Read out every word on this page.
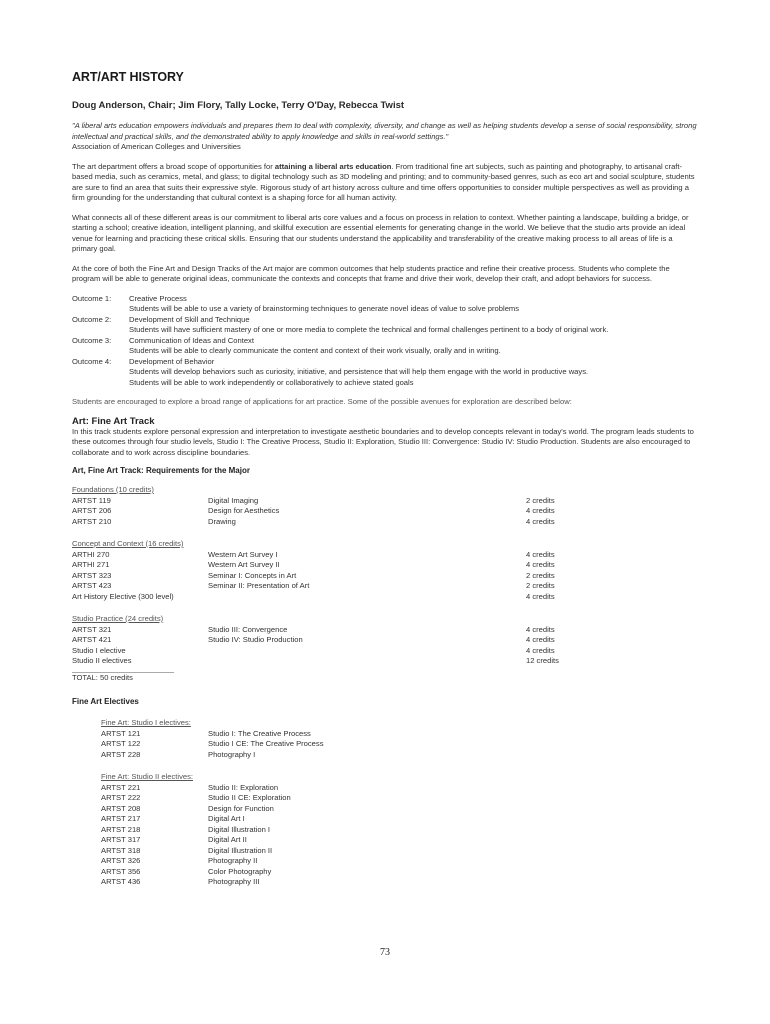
ART/ART HISTORY
Doug Anderson, Chair; Jim Flory, Tally Locke, Terry O'Day, Rebecca Twist
"A liberal arts education empowers individuals and prepares them to deal with complexity, diversity, and change as well as helping students develop a sense of social responsibility, strong intellectual and practical skills, and the demonstrated ability to apply knowledge and skills in real-world settings."
Association of American Colleges and Universities

The art department offers a broad scope of opportunities for attaining a liberal arts education. From traditional fine art subjects, such as painting and photography, to artisanal craft-based media, such as ceramics, metal, and glass; to digital technology such as 3D modeling and printing; and to community-based genres, such as eco art and social sculpture, students are sure to find an area that suits their expressive style. Rigorous study of art history across culture and time offers opportunities to consider multiple perspectives as well as providing a firm grounding for the understanding that cultural context is a shaping force for all human activity.

What connects all of these different areas is our commitment to liberal arts core values and a focus on process in relation to context. Whether painting a landscape, building a bridge, or starting a school; creative ideation, intelligent planning, and skillful execution are essential elements for generating change in the world. We believe that the studio arts provide an ideal venue for learning and practicing these critical skills. Ensuring that our students understand the applicability and transferability of the creative making process to all areas of life is a primary goal.

At the core of both the Fine Art and Design Tracks of the Art major are common outcomes that help students practice and refine their creative process. Students who complete the program will be able to generate original ideas, communicate the contexts and concepts that frame and drive their work, develop their craft, and adopt behaviors for success.

Outcome 1:	Creative Process
Students will be able to use a variety of brainstorming techniques to generate novel ideas of value to solve problems
Outcome 2:	Development of Skill and Technique
Students will have sufficient mastery of one or more media to complete the technical and formal challenges pertinent to a body of original work.
Outcome 3:	Communication of Ideas and Context
Students will be able to clearly communicate the content and context of their work visually, orally and in writing.
Outcome 4:	Development of Behavior
Students will develop behaviors such as curiosity, initiative, and persistence that will help them engage with the world in productive ways.
Students will be able to work independently or collaboratively to achieve stated goals

Students are encouraged to explore a broad range of applications for art practice. Some of the possible avenues for exploration are described below:

Art: Fine Art Track
In this track students explore personal expression and interpretation to investigate aesthetic boundaries and to develop concepts relevant in today's world. The program leads students to these outcomes through four studio levels, Studio I: The Creative Process, Studio II: Exploration, Studio III: Convergence: Studio IV: Studio Production. Students are also encouraged to collaborate and to work across discipline boundaries.
Art, Fine Art Track: Requirements for the Major
Foundations (10 credits)
ARTST 119	Digital Imaging	2 credits
ARTST 206	Design for Aesthetics	4 credits
ARTST 210	Drawing	4 credits
Concept and Context (16 credits)
ARTHI 270	Western Art Survey I	4 credits
ARTHI 271	Western Art Survey II	4 credits
ARTST 323	Seminar I: Concepts in Art	2 credits
ARTST 423	Seminar II: Presentation of Art	2 credits
Art History Elective (300 level)	4 credits
Studio Practice (24 credits)
ARTST 321	Studio III: Convergence	4 credits
ARTST 421	Studio IV: Studio Production	4 credits
Studio I elective	4 credits
Studio II electives	12 credits
TOTAL: 50 credits
Fine Art Electives
Fine Art: Studio I electives:
ARTST 121	Studio I: The Creative Process
ARTST 122	Studio I CE: The Creative Process
ARTST 228	Photography I
Fine Art: Studio II electives:
ARTST 221	Studio II: Exploration
ARTST 222	Studio II CE: Exploration
ARTST 208	Design for Function
ARTST 217	Digital Art I
ARTST 218	Digital Illustration I
ARTST 317	Digital Art II
ARTST 318	Digital Illustration II
ARTST 326	Photography II
ARTST 356	Color Photography
ARTST 436	Photography III
73
